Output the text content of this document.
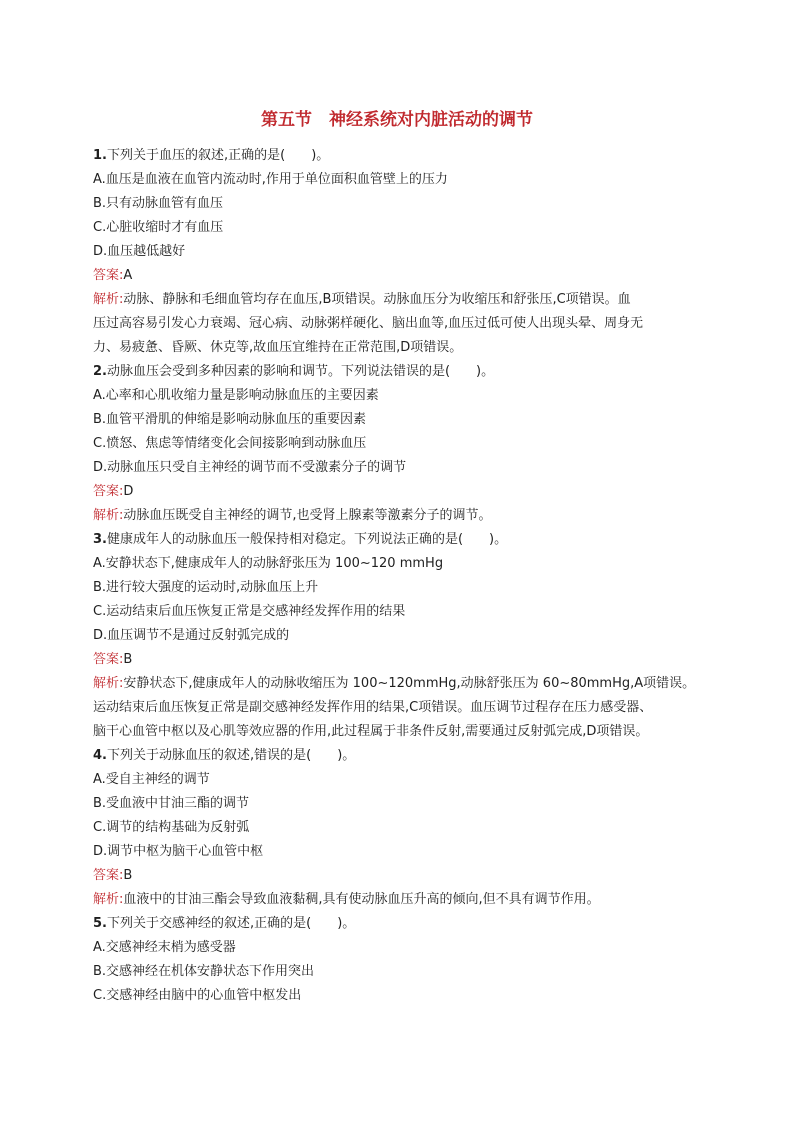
第五节　神经系统对内脏活动的调节
1.下列关于血压的叙述,正确的是(　　)。
A.血压是血液在血管内流动时,作用于单位面积血管壁上的压力
B.只有动脉血管有血压
C.心脏收缩时才有血压
D.血压越低越好
答案:A
解析:动脉、静脉和毛细血管均存在血压,B项错误。动脉血压分为收缩压和舒张压,C项错误。血
压过高容易引发心力衰竭、冠心病、动脉粥样硬化、脑出血等,血压过低可使人出现头晕、周身无
力、易疲惫、昏厥、休克等,故血压宜维持在正常范围,D项错误。
2.动脉血压会受到多种因素的影响和调节。下列说法错误的是(　　)。
A.心率和心肌收缩力量是影响动脉血压的主要因素
B.血管平滑肌的伸缩是影响动脉血压的重要因素
C.愤怒、焦虑等情绪变化会间接影响到动脉血压
D.动脉血压只受自主神经的调节而不受激素分子的调节
答案:D
解析:动脉血压既受自主神经的调节,也受肾上腺素等激素分子的调节。
3.健康成年人的动脉血压一般保持相对稳定。下列说法正确的是(　　)。
A.安静状态下,健康成年人的动脉舒张压为 100~120 mmHg
B.进行较大强度的运动时,动脉血压上升
C.运动结束后血压恢复正常是交感神经发挥作用的结果
D.血压调节不是通过反射弧完成的
答案:B
解析:安静状态下,健康成年人的动脉收缩压为 100~120mmHg,动脉舒张压为 60~80mmHg,A项错误。
运动结束后血压恢复正常是副交感神经发挥作用的结果,C项错误。血压调节过程存在压力感受器、
脑干心血管中枢以及心肌等效应器的作用,此过程属于非条件反射,需要通过反射弧完成,D项错误。
4.下列关于动脉血压的叙述,错误的是(　　)。
A.受自主神经的调节
B.受血液中甘油三酯的调节
C.调节的结构基础为反射弧
D.调节中枢为脑干心血管中枢
答案:B
解析:血液中的甘油三酯会导致血液黏稠,具有使动脉血压升高的倾向,但不具有调节作用。
5.下列关于交感神经的叙述,正确的是(　　)。
A.交感神经末梢为感受器
B.交感神经在机体安静状态下作用突出
C.交感神经由脑中的心血管中枢发出
